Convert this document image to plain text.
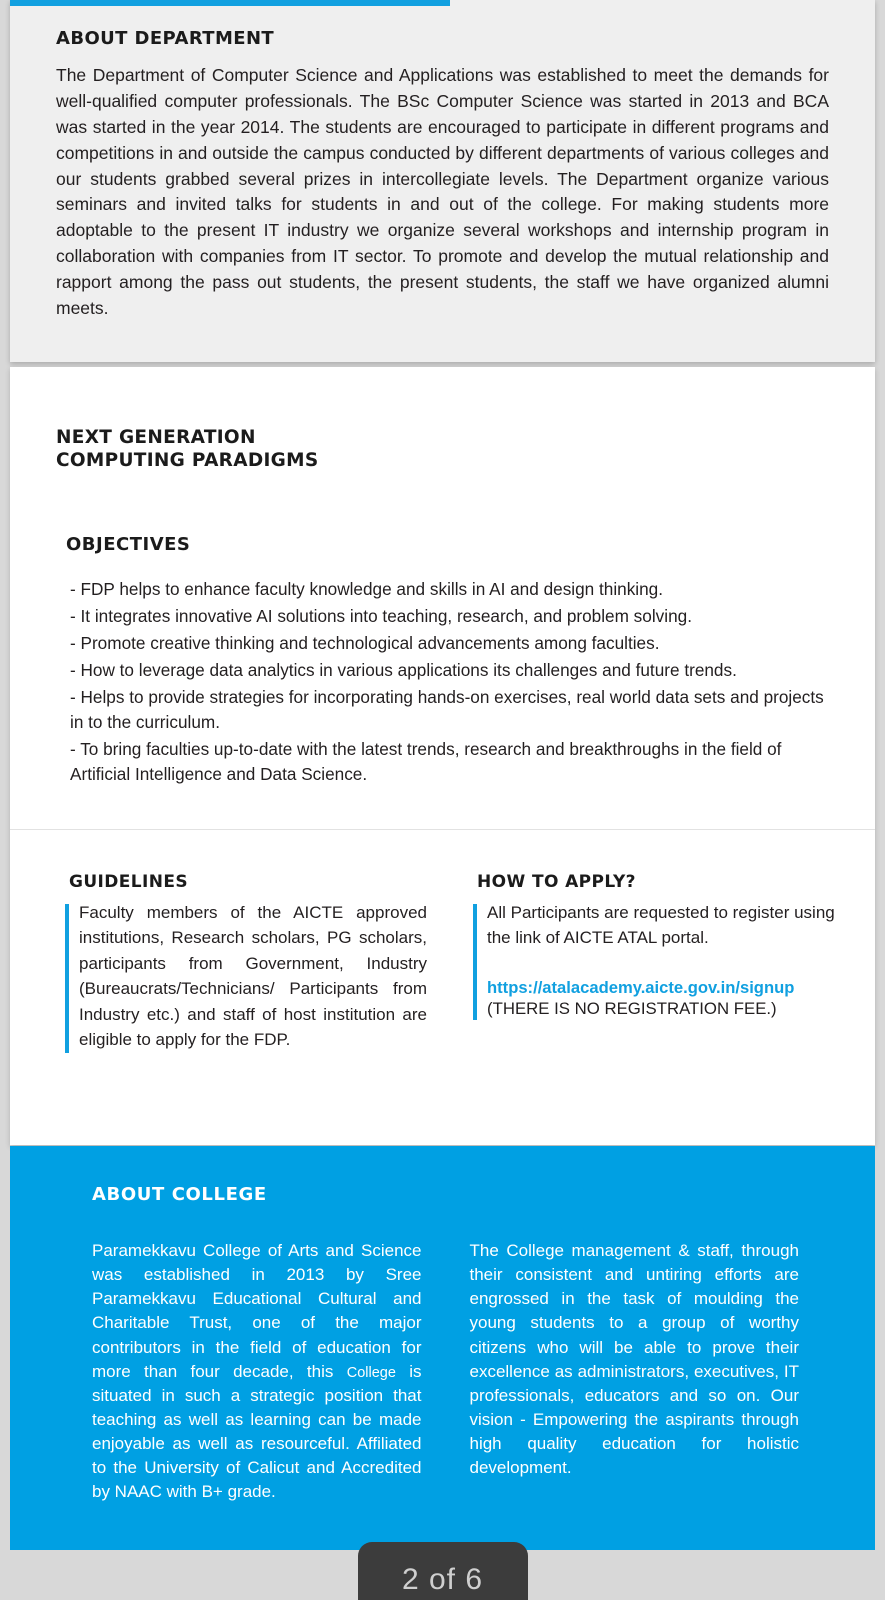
ABOUT DEPARTMENT

The Department of Computer Science and Applications was established to meet the demands for well-qualified computer professionals. The BSc Computer Science was started in 2013 and BCA was started in the year 2014. The students are encouraged to participate in different programs and competitions in and outside the campus conducted by different departments of various colleges and our students grabbed several prizes in intercollegiate levels. The Department organize various seminars and invited talks for students in and out of the college. For making students more adoptable to the present IT industry we organize several workshops and internship program in collaboration with companies from IT sector. To promote and develop the mutual relationship and rapport among the pass out students, the present students, the staff we have organized alumni meets.

NEXT GENERATION
COMPUTING PARADIGMS
OBJECTIVES

- FDP helps to enhance faculty knowledge and skills in AI and design thinking.

- It integrates innovative AI solutions into teaching, research, and problem solving.

- Promote creative thinking and technological advancements among faculties.

- How to leverage data analytics in various applications its challenges and future trends.

- Helps to provide strategies for incorporating hands-on exercises, real world data sets and projects in to the curriculum.

- To bring faculties up-to-date with the latest trends, research and breakthroughs in the field of Artificial Intelligence and Data Science.

GUIDELINES

Faculty members of the AICTE approved institutions, Research scholars, PG scholars, participants from Government, Industry (Bureaucrats/Technicians/ Participants from Industry etc.) and staff of host institution are eligible to apply for the FDP.

HOW TO APPLY?

All Participants are requested to register using the link of AICTE ATAL portal.

https://atalacademy.aicte.gov.in/signup

(THERE IS NO REGISTRATION FEE.)

ABOUT COLLEGE

Paramekkavu College of Arts and Science was established in 2013 by Sree Paramekkavu Educational Cultural and Charitable Trust, one of the major contributors in the field of education for more than four decade, this College is situated in such a strategic position that teaching as well as learning can be made enjoyable as well as resourceful. Affiliated to the University of Calicut and Accredited by NAAC with B+ grade.

The College management & staff, through their consistent and untiring efforts are engrossed in the task of moulding the young students to a group of worthy citizens who will be able to prove their excellence as administrators, executives, IT professionals, educators and so on. Our vision - Empowering the aspirants through high quality education for holistic development.

2 of 6
